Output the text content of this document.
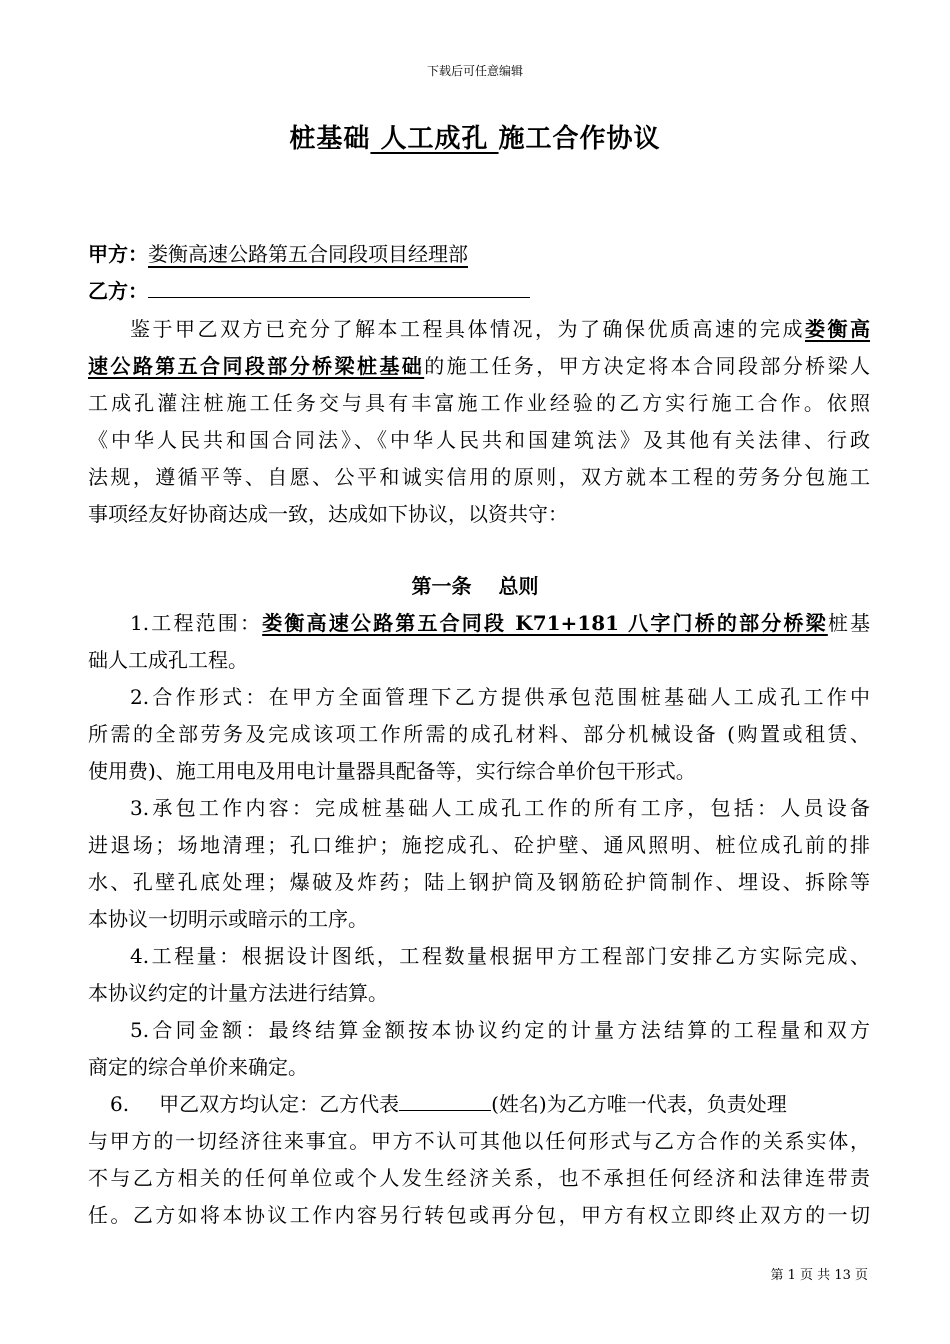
下载后可任意编辑
桩基础 人工成孔 施工合作协议
甲方：娄衡高速公路第五合同段项目经理部
乙方：
鉴于甲乙双方已充分了解本工程具体情况，为了确保优质高速的完成娄衡高
速公路第五合同段部分桥梁桩基础的施工任务，甲方决定将本合同段部分桥梁人
工成孔灌注桩施工任务交与具有丰富施工作业经验的乙方实行施工合作。依照
《中华人民共和国合同法》、《中华人民共和国建筑法》及其他有关法律、行政
法规，遵循平等、自愿、公平和诚实信用的原则，双方就本工程的劳务分包施工
事项经友好协商达成一致，达成如下协议，以资共守：
第一条　 总则
1.工程范围：娄衡高速公路第五合同段 K71+181 八字门桥的部分桥梁桩基
础人工成孔工程。
2.合作形式：在甲方全面管理下乙方提供承包范围桩基础人工成孔工作中
所需的全部劳务及完成该项工作所需的成孔材料、部分机械设备 (购置或租赁、
使用费)、施工用电及用电计量器具配备等，实行综合单价包干形式。
3.承包工作内容：完成桩基础人工成孔工作的所有工序，包括：人员设备
进退场；场地清理；孔口维护；施挖成孔、砼护壁、通风照明、桩位成孔前的排
水、孔壁孔底处理；爆破及炸药；陆上钢护筒及钢筋砼护筒制作、埋设、拆除等
本协议一切明示或暗示的工序。
4.工程量：根据设计图纸，工程数量根据甲方工程部门安排乙方实际完成、
本协议约定的计量方法进行结算。
5.合同金额：最终结算金额按本协议约定的计量方法结算的工程量和双方
商定的综合单价来确定。
6. 甲乙双方均认定：乙方代表	(姓名)为乙方唯一代表，负责处理
与甲方的一切经济往来事宜。甲方不认可其他以任何形式与乙方合作的关系实体，
不与乙方相关的任何单位或个人发生经济关系，也不承担任何经济和法律连带责
任。乙方如将本协议工作内容另行转包或再分包，甲方有权立即终止双方的一切
第 1 页 共 13 页
